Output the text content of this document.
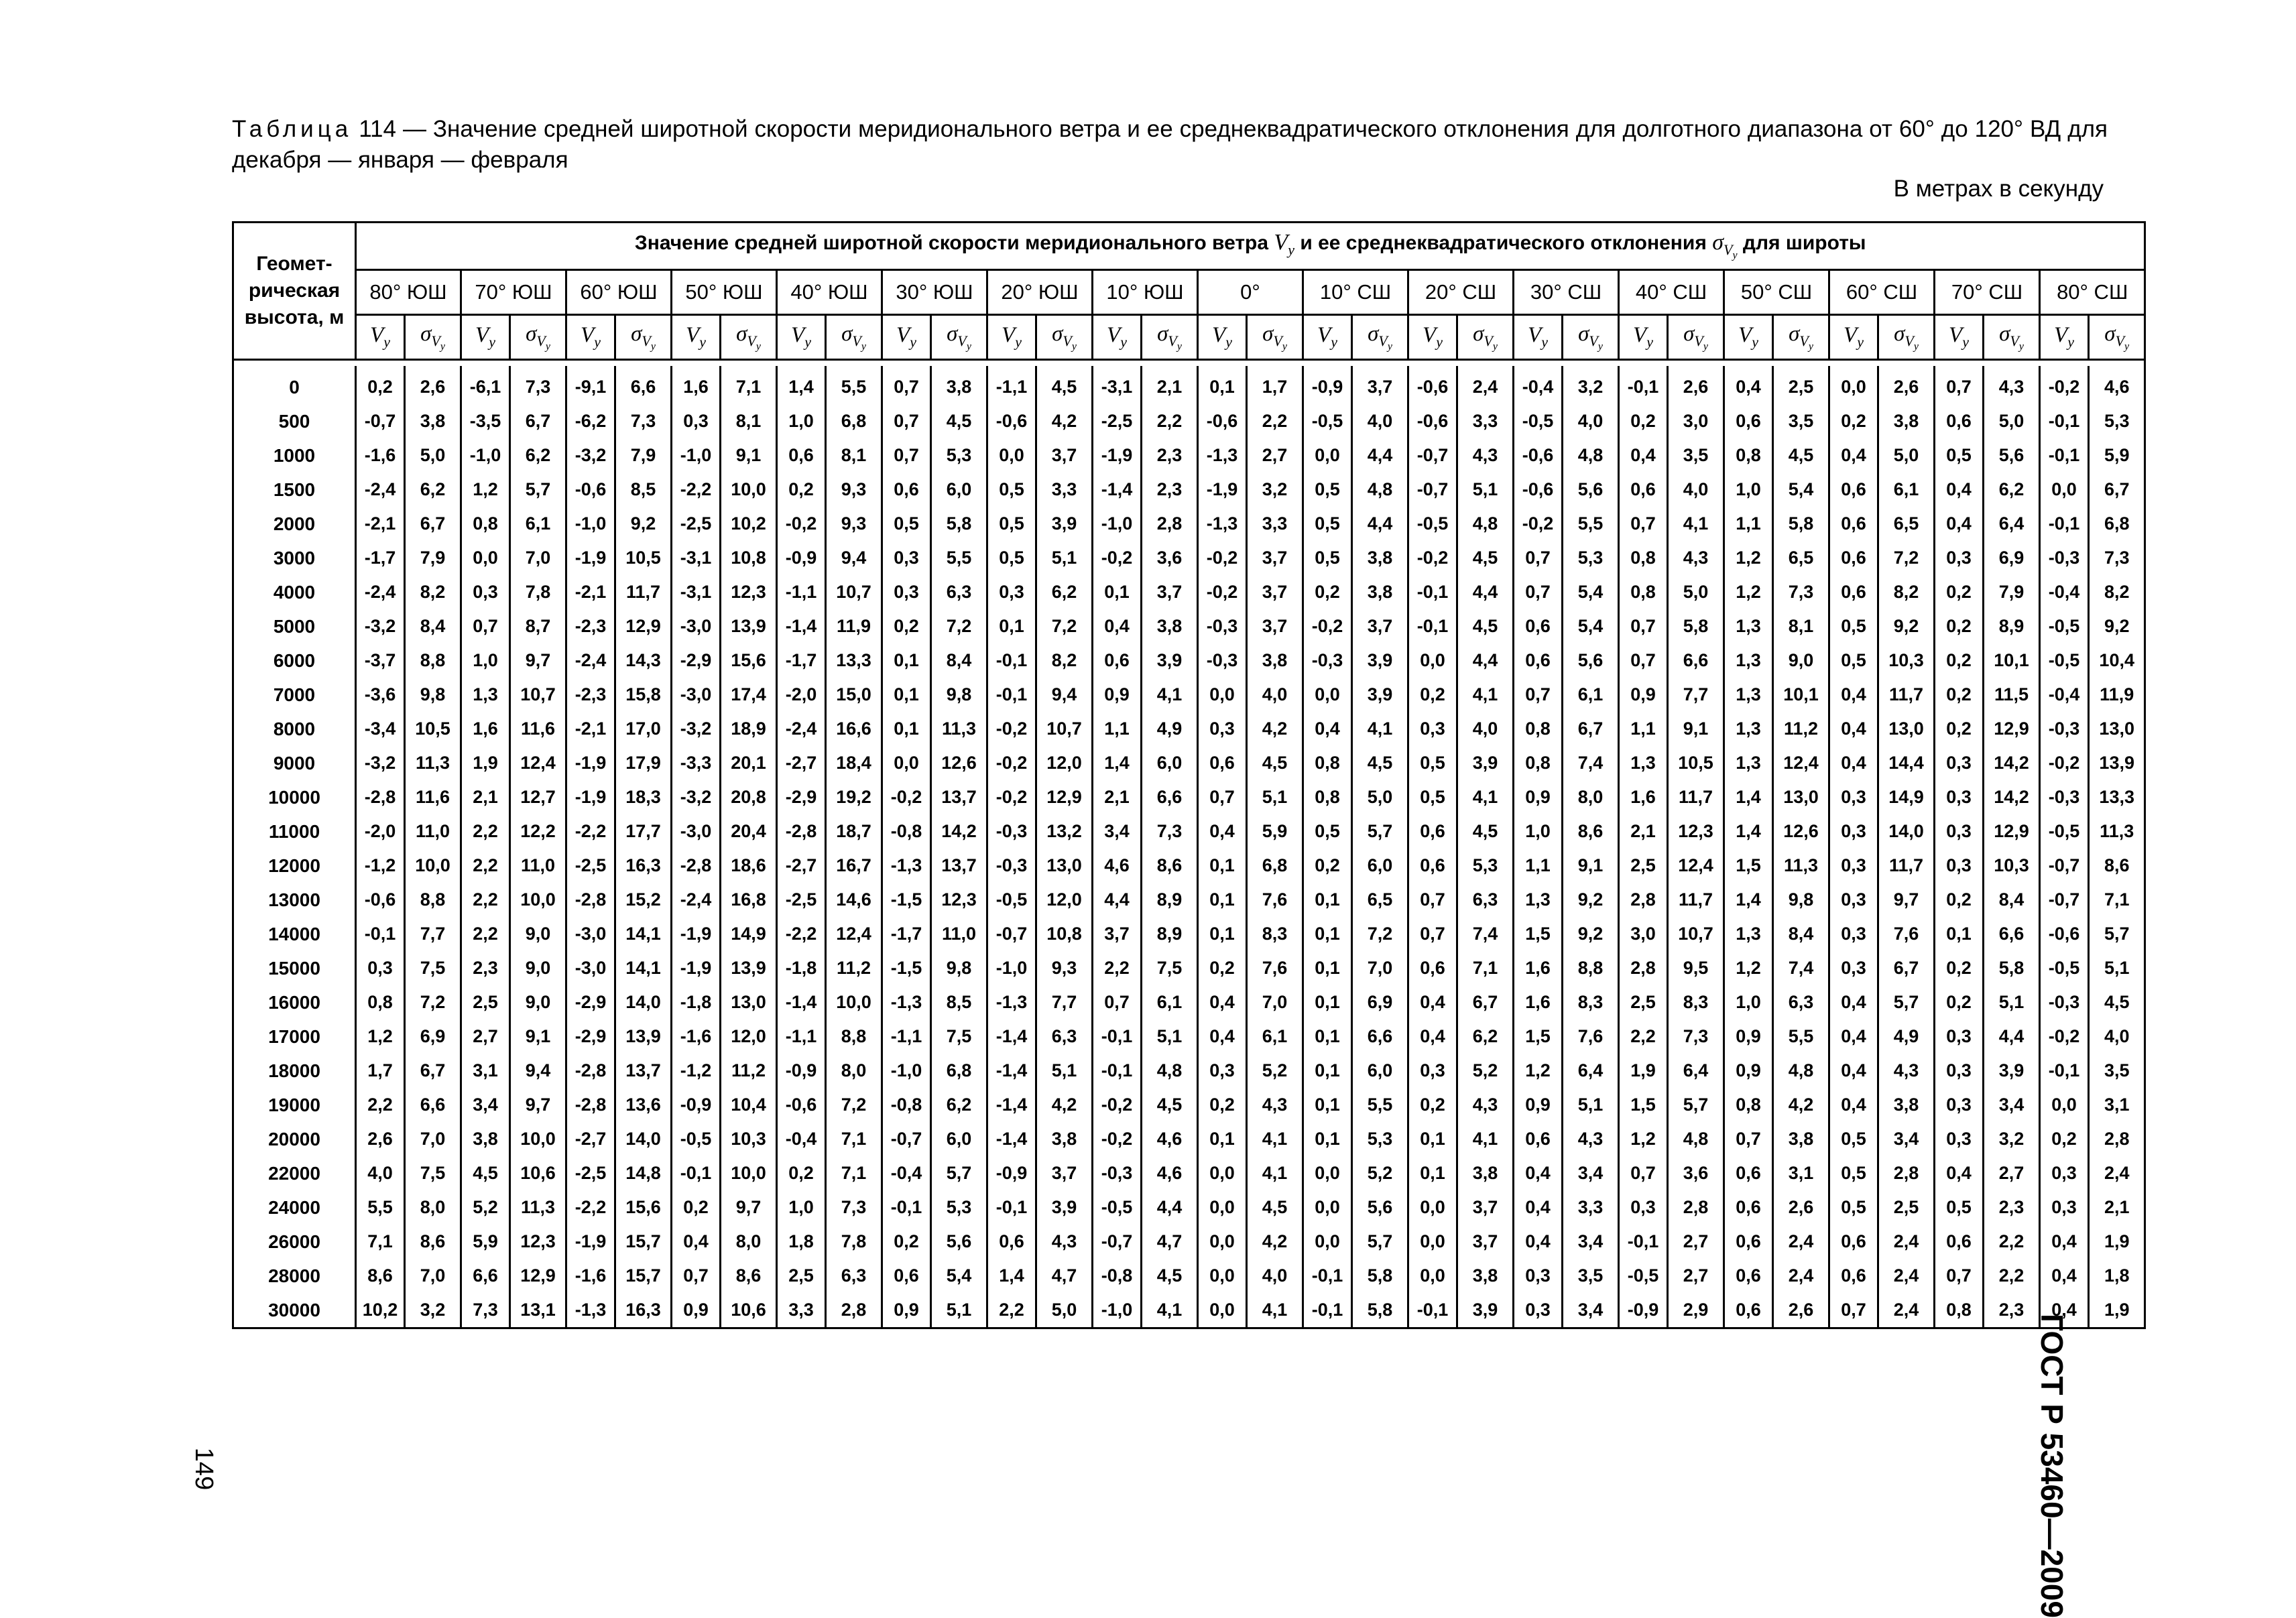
Таблица 114 — Значение средней широтной скорости меридионального ветра и ее среднеквадратического отклонения для долготного диапазона от 60° до 120° ВД для декабря — января — февраля
В метрах в секунду
Геомет-рическая высота, м	Значение средней широтной скорости меридионального ветра $V_y$ и ее среднеквадратического отклонения $\sigma_{V_y}$ для широты																																	
	80° ЮШ		70° ЮШ		60° ЮШ		50° ЮШ		40° ЮШ		30° ЮШ		20° ЮШ		10° ЮШ		0°		10° СШ		20° СШ		30° СШ		40° СШ		50° СШ		60° СШ		70° СШ		80° СШ	
	$V_y$	$\sigma_{V_y}$	$V_y$	$\sigma_{V_y}$	$V_y$	$\sigma_{V_y}$	$V_y$	$\sigma_{V_y}$	$V_y$	$\sigma_{V_y}$	$V_y$	$\sigma_{V_y}$	$V_y$	$\sigma_{V_y}$	$V_y$	$\sigma_{V_y}$	$V_y$	$\sigma_{V_y}$	$V_y$	$\sigma_{V_y}$	$V_y$	$\sigma_{V_y}$	$V_y$	$\sigma_{V_y}$	$V_y$	$\sigma_{V_y}$	$V_y$	$\sigma_{V_y}$	$V_y$	$\sigma_{V_y}$	$V_y$	$\sigma_{V_y}$	$V_y$	$\sigma_{V_y}$

0	0,2	2,6	-6,1	7,3	-9,1	6,6	1,6	7,1	1,4	5,5	0,7	3,8	-1,1	4,5	-3,1	2,1	0,1	1,7	-0,9	3,7	-0,6	2,4	-0,4	3,2	-0,1	2,6	0,4	2,5	0,0	2,6	0,7	4,3	-0,2	4,6
500	-0,7	3,8	-3,5	6,7	-6,2	7,3	0,3	8,1	1,0	6,8	0,7	4,5	-0,6	4,2	-2,5	2,2	-0,6	2,2	-0,5	4,0	-0,6	3,3	-0,5	4,0	0,2	3,0	0,6	3,5	0,2	3,8	0,6	5,0	-0,1	5,3
1000	-1,6	5,0	-1,0	6,2	-3,2	7,9	-1,0	9,1	0,6	8,1	0,7	5,3	0,0	3,7	-1,9	2,3	-1,3	2,7	0,0	4,4	-0,7	4,3	-0,6	4,8	0,4	3,5	0,8	4,5	0,4	5,0	0,5	5,6	-0,1	5,9
1500	-2,4	6,2	1,2	5,7	-0,6	8,5	-2,2	10,0	0,2	9,3	0,6	6,0	0,5	3,3	-1,4	2,3	-1,9	3,2	0,5	4,8	-0,7	5,1	-0,6	5,6	0,6	4,0	1,0	5,4	0,6	6,1	0,4	6,2	0,0	6,7
2000	-2,1	6,7	0,8	6,1	-1,0	9,2	-2,5	10,2	-0,2	9,3	0,5	5,8	0,5	3,9	-1,0	2,8	-1,3	3,3	0,5	4,4	-0,5	4,8	-0,2	5,5	0,7	4,1	1,1	5,8	0,6	6,5	0,4	6,4	-0,1	6,8
3000	-1,7	7,9	0,0	7,0	-1,9	10,5	-3,1	10,8	-0,9	9,4	0,3	5,5	0,5	5,1	-0,2	3,6	-0,2	3,7	0,5	3,8	-0,2	4,5	0,7	5,3	0,8	4,3	1,2	6,5	0,6	7,2	0,3	6,9	-0,3	7,3
4000	-2,4	8,2	0,3	7,8	-2,1	11,7	-3,1	12,3	-1,1	10,7	0,3	6,3	0,3	6,2	0,1	3,7	-0,2	3,7	0,2	3,8	-0,1	4,4	0,7	5,4	0,8	5,0	1,2	7,3	0,6	8,2	0,2	7,9	-0,4	8,2
5000	-3,2	8,4	0,7	8,7	-2,3	12,9	-3,0	13,9	-1,4	11,9	0,2	7,2	0,1	7,2	0,4	3,8	-0,3	3,7	-0,2	3,7	-0,1	4,5	0,6	5,4	0,7	5,8	1,3	8,1	0,5	9,2	0,2	8,9	-0,5	9,2
6000	-3,7	8,8	1,0	9,7	-2,4	14,3	-2,9	15,6	-1,7	13,3	0,1	8,4	-0,1	8,2	0,6	3,9	-0,3	3,8	-0,3	3,9	0,0	4,4	0,6	5,6	0,7	6,6	1,3	9,0	0,5	10,3	0,2	10,1	-0,5	10,4
7000	-3,6	9,8	1,3	10,7	-2,3	15,8	-3,0	17,4	-2,0	15,0	0,1	9,8	-0,1	9,4	0,9	4,1	0,0	4,0	0,0	3,9	0,2	4,1	0,7	6,1	0,9	7,7	1,3	10,1	0,4	11,7	0,2	11,5	-0,4	11,9
8000	-3,4	10,5	1,6	11,6	-2,1	17,0	-3,2	18,9	-2,4	16,6	0,1	11,3	-0,2	10,7	1,1	4,9	0,3	4,2	0,4	4,1	0,3	4,0	0,8	6,7	1,1	9,1	1,3	11,2	0,4	13,0	0,2	12,9	-0,3	13,0
9000	-3,2	11,3	1,9	12,4	-1,9	17,9	-3,3	20,1	-2,7	18,4	0,0	12,6	-0,2	12,0	1,4	6,0	0,6	4,5	0,8	4,5	0,5	3,9	0,8	7,4	1,3	10,5	1,3	12,4	0,4	14,4	0,3	14,2	-0,2	13,9
10000	-2,8	11,6	2,1	12,7	-1,9	18,3	-3,2	20,8	-2,9	19,2	-0,2	13,7	-0,2	12,9	2,1	6,6	0,7	5,1	0,8	5,0	0,5	4,1	0,9	8,0	1,6	11,7	1,4	13,0	0,3	14,9	0,3	14,2	-0,3	13,3
11000	-2,0	11,0	2,2	12,2	-2,2	17,7	-3,0	20,4	-2,8	18,7	-0,8	14,2	-0,3	13,2	3,4	7,3	0,4	5,9	0,5	5,7	0,6	4,5	1,0	8,6	2,1	12,3	1,4	12,6	0,3	14,0	0,3	12,9	-0,5	11,3
12000	-1,2	10,0	2,2	11,0	-2,5	16,3	-2,8	18,6	-2,7	16,7	-1,3	13,7	-0,3	13,0	4,6	8,6	0,1	6,8	0,2	6,0	0,6	5,3	1,1	9,1	2,5	12,4	1,5	11,3	0,3	11,7	0,3	10,3	-0,7	8,6
13000	-0,6	8,8	2,2	10,0	-2,8	15,2	-2,4	16,8	-2,5	14,6	-1,5	12,3	-0,5	12,0	4,4	8,9	0,1	7,6	0,1	6,5	0,7	6,3	1,3	9,2	2,8	11,7	1,4	9,8	0,3	9,7	0,2	8,4	-0,7	7,1
14000	-0,1	7,7	2,2	9,0	-3,0	14,1	-1,9	14,9	-2,2	12,4	-1,7	11,0	-0,7	10,8	3,7	8,9	0,1	8,3	0,1	7,2	0,7	7,4	1,5	9,2	3,0	10,7	1,3	8,4	0,3	7,6	0,1	6,6	-0,6	5,7
15000	0,3	7,5	2,3	9,0	-3,0	14,1	-1,9	13,9	-1,8	11,2	-1,5	9,8	-1,0	9,3	2,2	7,5	0,2	7,6	0,1	7,0	0,6	7,1	1,6	8,8	2,8	9,5	1,2	7,4	0,3	6,7	0,2	5,8	-0,5	5,1
16000	0,8	7,2	2,5	9,0	-2,9	14,0	-1,8	13,0	-1,4	10,0	-1,3	8,5	-1,3	7,7	0,7	6,1	0,4	7,0	0,1	6,9	0,4	6,7	1,6	8,3	2,5	8,3	1,0	6,3	0,4	5,7	0,2	5,1	-0,3	4,5
17000	1,2	6,9	2,7	9,1	-2,9	13,9	-1,6	12,0	-1,1	8,8	-1,1	7,5	-1,4	6,3	-0,1	5,1	0,4	6,1	0,1	6,6	0,4	6,2	1,5	7,6	2,2	7,3	0,9	5,5	0,4	4,9	0,3	4,4	-0,2	4,0
18000	1,7	6,7	3,1	9,4	-2,8	13,7	-1,2	11,2	-0,9	8,0	-1,0	6,8	-1,4	5,1	-0,1	4,8	0,3	5,2	0,1	6,0	0,3	5,2	1,2	6,4	1,9	6,4	0,9	4,8	0,4	4,3	0,3	3,9	-0,1	3,5
19000	2,2	6,6	3,4	9,7	-2,8	13,6	-0,9	10,4	-0,6	7,2	-0,8	6,2	-1,4	4,2	-0,2	4,5	0,2	4,3	0,1	5,5	0,2	4,3	0,9	5,1	1,5	5,7	0,8	4,2	0,4	3,8	0,3	3,4	0,0	3,1
20000	2,6	7,0	3,8	10,0	-2,7	14,0	-0,5	10,3	-0,4	7,1	-0,7	6,0	-1,4	3,8	-0,2	4,6	0,1	4,1	0,1	5,3	0,1	4,1	0,6	4,3	1,2	4,8	0,7	3,8	0,5	3,4	0,3	3,2	0,2	2,8
22000	4,0	7,5	4,5	10,6	-2,5	14,8	-0,1	10,0	0,2	7,1	-0,4	5,7	-0,9	3,7	-0,3	4,6	0,0	4,1	0,0	5,2	0,1	3,8	0,4	3,4	0,7	3,6	0,6	3,1	0,5	2,8	0,4	2,7	0,3	2,4
24000	5,5	8,0	5,2	11,3	-2,2	15,6	0,2	9,7	1,0	7,3	-0,1	5,3	-0,1	3,9	-0,5	4,4	0,0	4,5	0,0	5,6	0,0	3,7	0,4	3,3	0,3	2,8	0,6	2,6	0,5	2,5	0,5	2,3	0,3	2,1
26000	7,1	8,6	5,9	12,3	-1,9	15,7	0,4	8,0	1,8	7,8	0,2	5,6	0,6	4,3	-0,7	4,7	0,0	4,2	0,0	5,7	0,0	3,7	0,4	3,4	-0,1	2,7	0,6	2,4	0,6	2,4	0,6	2,2	0,4	1,9
28000	8,6	7,0	6,6	12,9	-1,6	15,7	0,7	8,6	2,5	6,3	0,6	5,4	1,4	4,7	-0,8	4,5	0,0	4,0	-0,1	5,8	0,0	3,8	0,3	3,5	-0,5	2,7	0,6	2,4	0,6	2,4	0,7	2,2	0,4	1,8
30000	10,2	3,2	7,3	13,1	-1,3	16,3	0,9	10,6	3,3	2,8	0,9	5,1	2,2	5,0	-1,0	4,1	0,0	4,1	-0,1	5,8	-0,1	3,9	0,3	3,4	-0,9	2,9	0,6	2,6	0,7	2,4	0,8	2,3	0,4	1,9
149	ГОСТ Р 53460—2009
